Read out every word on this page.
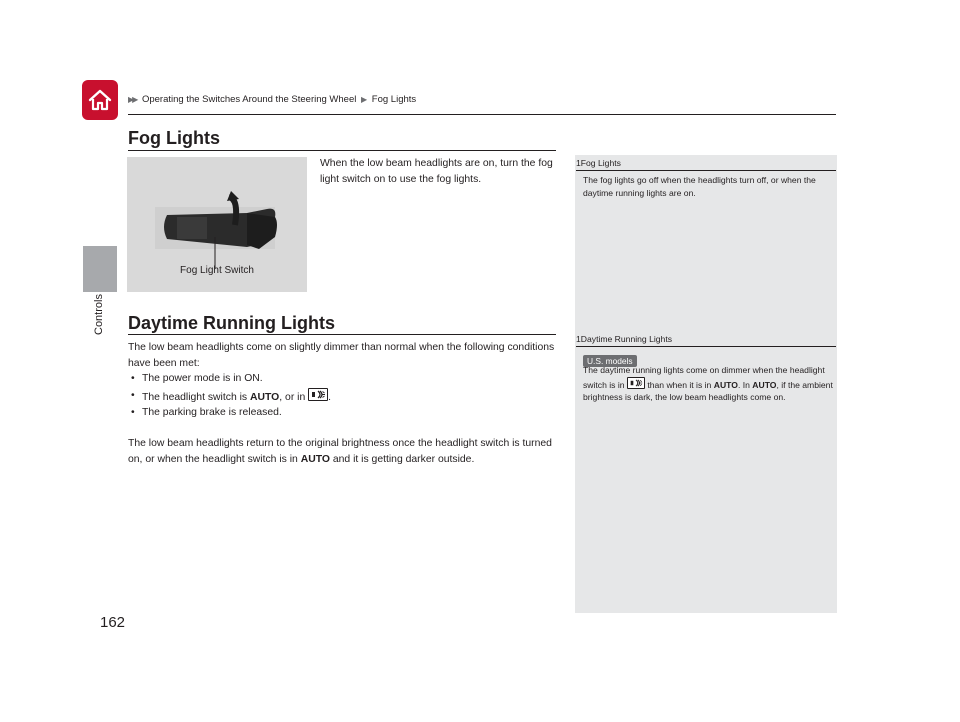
▶▶ Operating the Switches Around the Steering Wheel ▶ Fog Lights
Controls
162
Fog Lights
Fog Light Switch
When the low beam headlights are on, turn the fog light switch on to use the fog lights.
Daytime Running Lights
The low beam headlights come on slightly dimmer than normal when the following conditions have been met:
• The power mode is in ON.
• The headlight switch is AUTO, or in
.
• The parking brake is released.
The low beam headlights return to the original brightness once the headlight switch is turned on, or when the headlight switch is in AUTO and it is getting darker outside.
1Fog Lights
The fog lights go off when the headlights turn off, or when the daytime running lights are on.
1Daytime Running Lights
U.S. models
The daytime running lights come on dimmer when the headlight switch is in
than when it is in AUTO. In AUTO, if the ambient brightness is dark, the low beam headlights come on.
